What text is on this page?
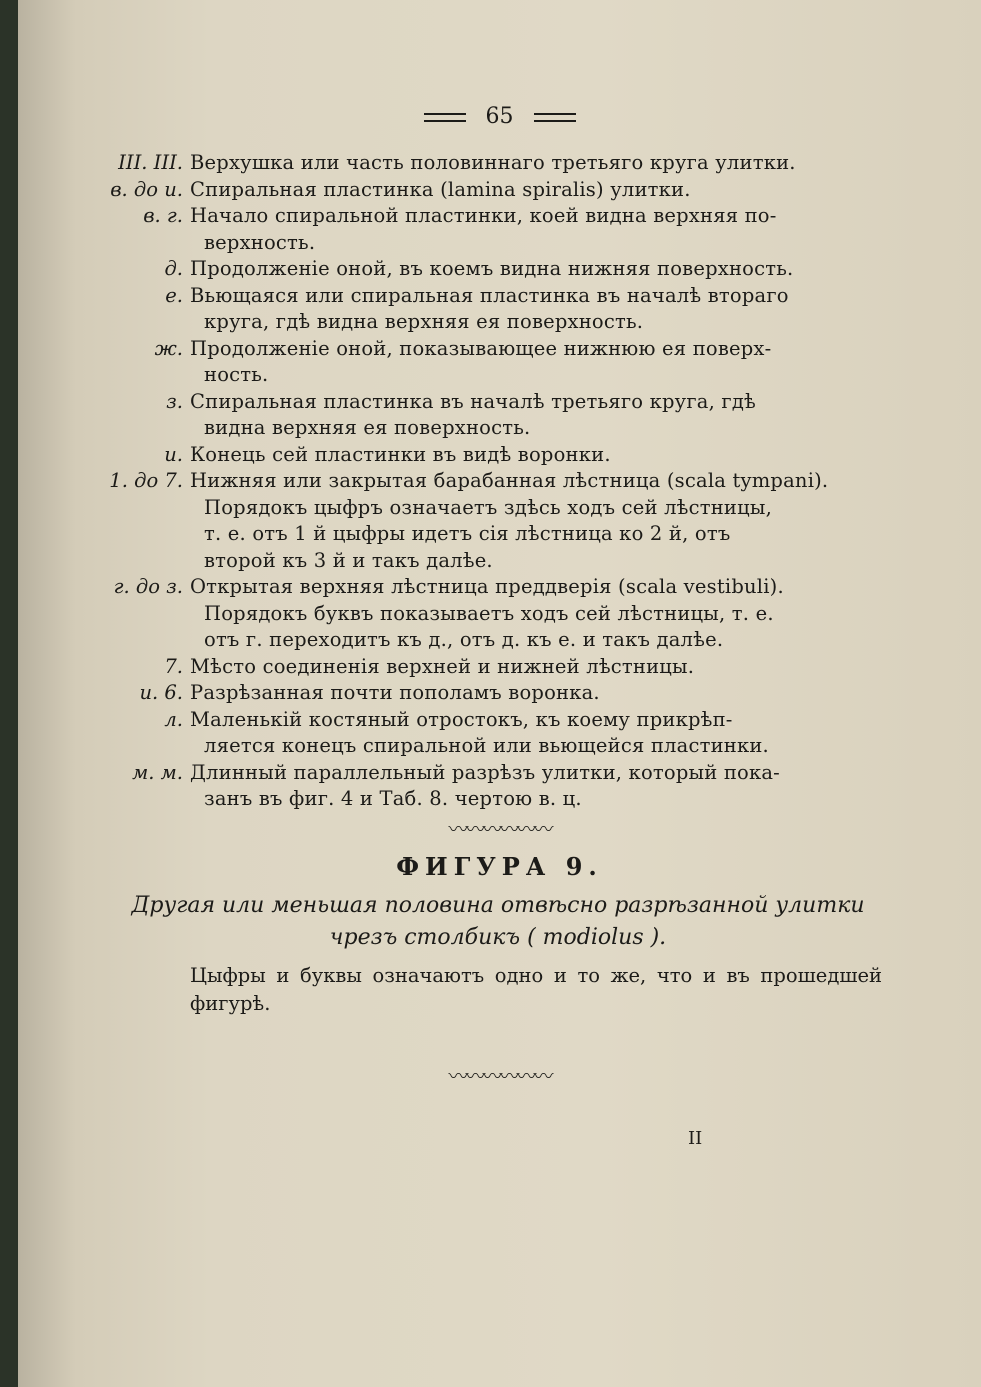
65
III. III. Верхушка или часть половиннаго третьяго круга улитки.
в. до и. Спиральная пластинка (lamina spiralis) улитки.
в. г. Начало спиральной пластинки, коей видна верхняя по-
верхность.
д. Продолженіе оной, въ коемъ видна нижняя поверхность.
е. Вьющаяся или спиральная пластинка въ началѣ втораго
круга, гдѣ видна верхняя ея поверхность.
ж. Продолженіе оной, показывающее нижнюю ея поверх-
ность.
з. Спиральная пластинка въ началѣ третьяго круга, гдѣ
видна верхняя ея поверхность.
и. Конець сей пластинки въ видѣ воронки.
1. до 7. Нижняя или закрытая барабанная лѣстница (scala tympani).
Порядокъ цыфръ означаетъ здѣсь ходъ сей лѣстницы,
т. е. отъ 1 й цыфры идетъ сія лѣстница ко 2 й, отъ
второй къ 3 й и такъ далѣе.
г. до з. Открытая верхняя лѣстница преддверія (scala vestibuli).
Порядокъ буквъ показываетъ ходъ сей лѣстницы, т. е.
отъ г. переходитъ къ д., отъ д. къ е. и такъ далѣе.
7. Мѣсто соединенія верхней и нижней лѣстницы.
и. 6. Разрѣзанная почти пополамъ воронка.
л. Маленькій костяный отростокъ, къ коему прикрѣп-
ляется конецъ спиральной или вьющейся пластинки.
м. м. Длинный параллельный разрѣзъ улитки, который пока-
занъ въ фиг. 4 и Таб. 8. чертою в. ц.
〰〰〰〰〰〰
ФИГУРА 9.
Другая или меньшая половина отвѣсно разрѣзанной улитки
чрезъ столбикъ ( modiolus ).
Цыфры и буквы означаютъ одно и то же, что и въ прошедшей фигурѣ.
〰〰〰〰〰〰
II
